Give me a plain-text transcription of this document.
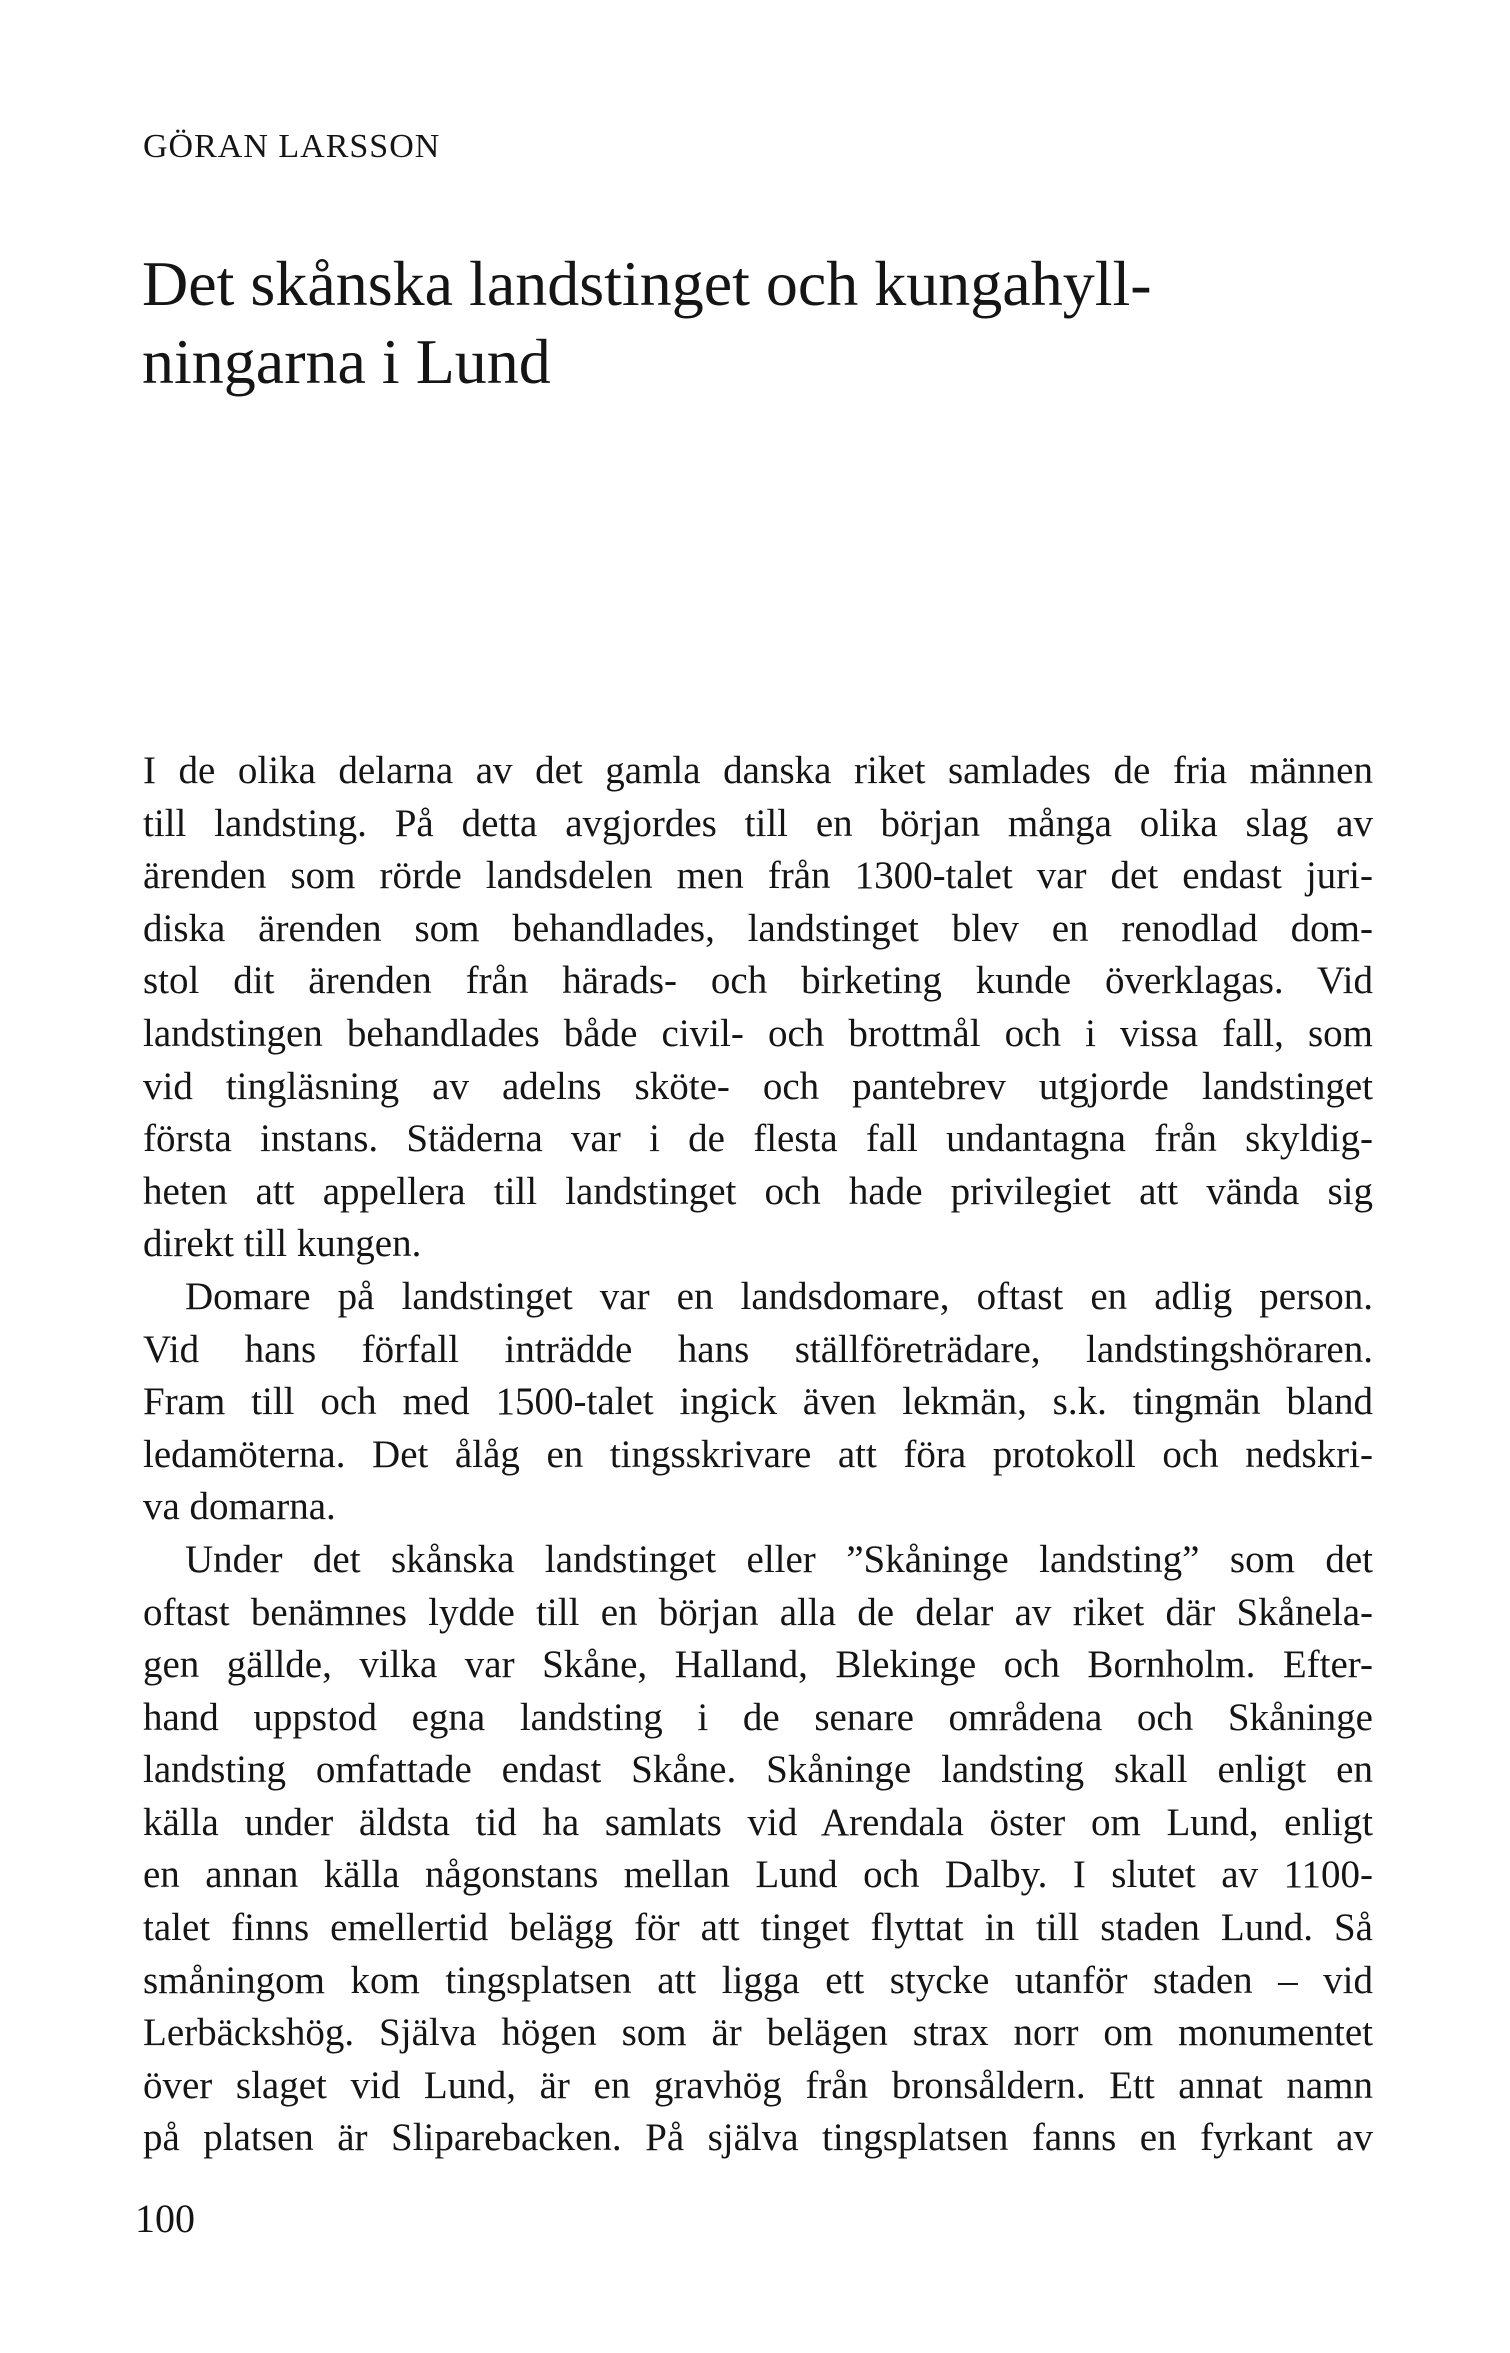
GÖRAN LARSSON
Det skånska landstinget och kungahyll-
ningarna i Lund
I de olika delarna av det gamla danska riket samlades de fria männen
till landsting. På detta avgjordes till en början många olika slag av
ärenden som rörde landsdelen men från 1300-talet var det endast juri-
diska ärenden som behandlades, landstinget blev en renodlad dom-
stol dit ärenden från härads- och birketing kunde överklagas. Vid
landstingen behandlades både civil- och brottmål och i vissa fall, som
vid tingläsning av adelns sköte- och pantebrev utgjorde landstinget
första instans. Städerna var i de flesta fall undantagna från skyldig-
heten att appellera till landstinget och hade privilegiet att vända sig
direkt till kungen.
Domare på landstinget var en landsdomare, oftast en adlig person.
Vid hans förfall inträdde hans ställföreträdare, landstingshöraren.
Fram till och med 1500-talet ingick även lekmän, s.k. tingmän bland
ledamöterna. Det ålåg en tingsskrivare att föra protokoll och nedskri-
va domarna.
Under det skånska landstinget eller ”Skåninge landsting” som det
oftast benämnes lydde till en början alla de delar av riket där Skånela-
gen gällde, vilka var Skåne, Halland, Blekinge och Bornholm. Efter-
hand uppstod egna landsting i de senare områdena och Skåninge
landsting omfattade endast Skåne. Skåninge landsting skall enligt en
källa under äldsta tid ha samlats vid Arendala öster om Lund, enligt
en annan källa någonstans mellan Lund och Dalby. I slutet av 1100-
talet finns emellertid belägg för att tinget flyttat in till staden Lund. Så
småningom kom tingsplatsen att ligga ett stycke utanför staden – vid
Lerbäckshög. Själva högen som är belägen strax norr om monumentet
över slaget vid Lund, är en gravhög från bronsåldern. Ett annat namn
på platsen är Sliparebacken. På själva tingsplatsen fanns en fyrkant av
100
